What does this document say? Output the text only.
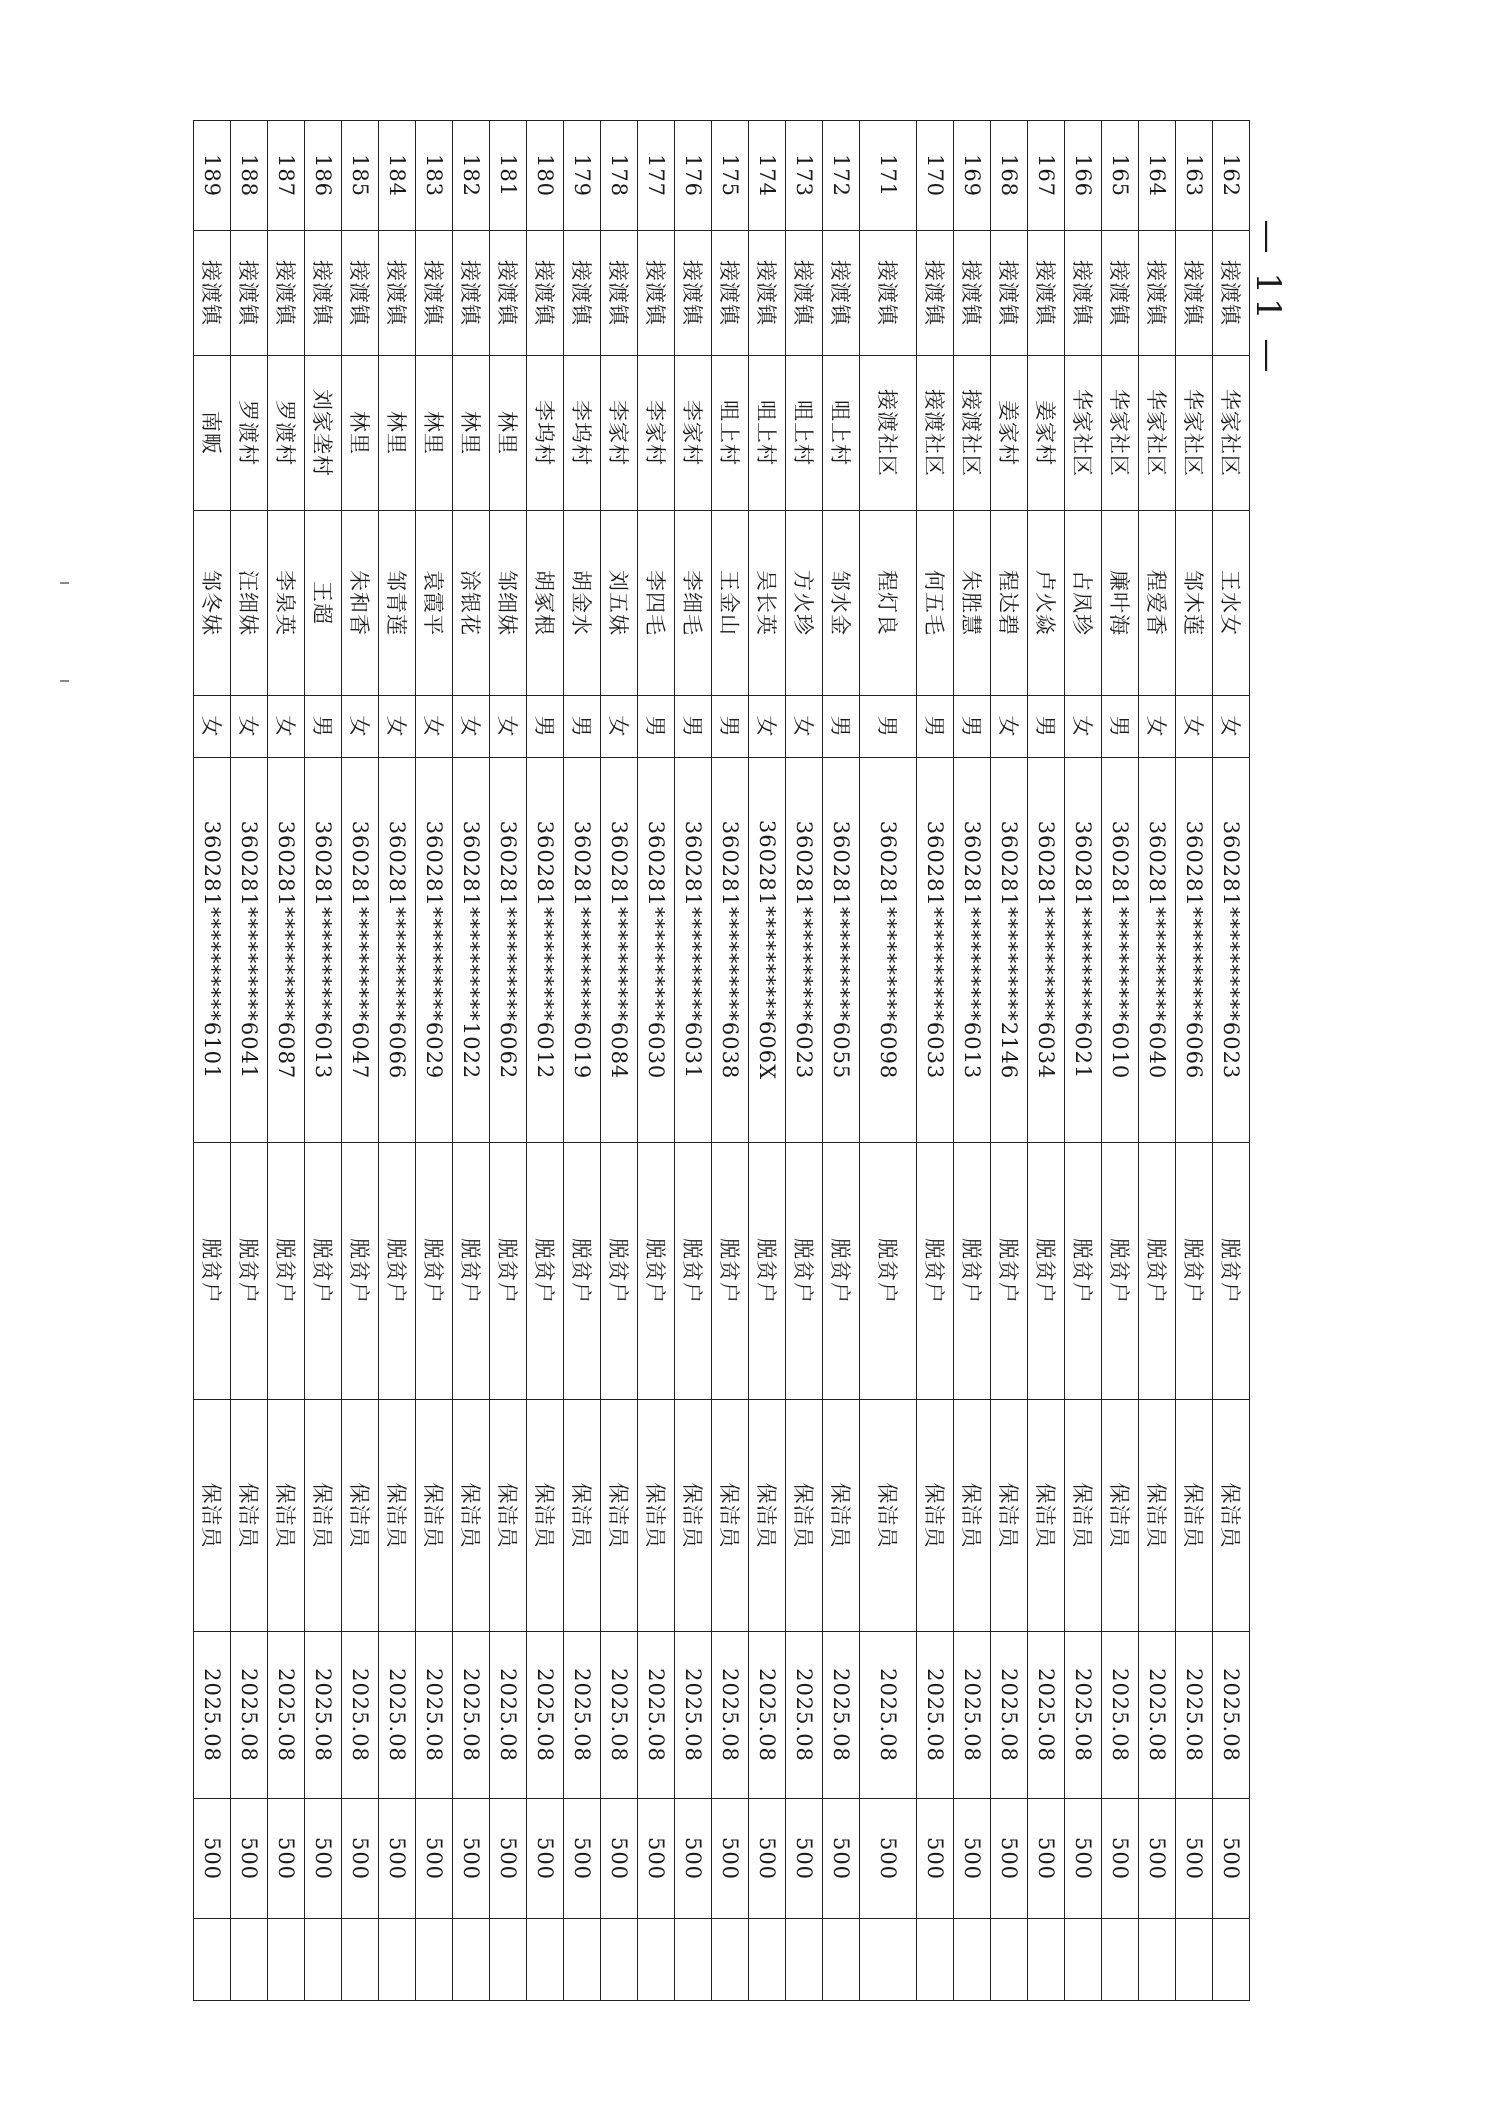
162	接渡镇	华家社区	王水女	女	360281**********6023	脱贫户	保洁员	2025.08	500	
163	接渡镇	华家社区	邹木莲	女	360281**********6066	脱贫户	保洁员	2025.08	500	
164	接渡镇	华家社区	程爱香	女	360281**********6040	脱贫户	保洁员	2025.08	500	
165	接渡镇	华家社区	廉叶海	男	360281**********6010	脱贫户	保洁员	2025.08	500	
166	接渡镇	华家社区	占凤珍	女	360281**********6021	脱贫户	保洁员	2025.08	500	
167	接渡镇	姜家村	卢火焱	男	360281**********6034	脱贫户	保洁员	2025.08	500	
168	接渡镇	姜家村	程达碧	女	360281**********2146	脱贫户	保洁员	2025.08	500	
169	接渡镇	接渡社区	朱胜慧	男	360281**********6013	脱贫户	保洁员	2025.08	500	
170	接渡镇	接渡社区	何五毛	男	360281**********6033	脱贫户	保洁员	2025.08	500	
171	接渡镇	接渡社区	程灯良	男	360281**********6098	脱贫户	保洁员	2025.08	500	
172	接渡镇	咀上村	邹水金	男	360281**********6055	脱贫户	保洁员	2025.08	500	
173	接渡镇	咀上村	方火珍	女	360281**********6023	脱贫户	保洁员	2025.08	500	
174	接渡镇	咀上村	吴长英	女	360281**********606X	脱贫户	保洁员	2025.08	500	
175	接渡镇	咀上村	王金山	男	360281**********6038	脱贫户	保洁员	2025.08	500	
176	接渡镇	李家村	李细毛	男	360281**********6031	脱贫户	保洁员	2025.08	500	
177	接渡镇	李家村	李四毛	男	360281**********6030	脱贫户	保洁员	2025.08	500	
178	接渡镇	李家村	刘五妹	女	360281**********6084	脱贫户	保洁员	2025.08	500	
179	接渡镇	李坞村	胡金水	男	360281**********6019	脱贫户	保洁员	2025.08	500	
180	接渡镇	李坞村	胡冢根	男	360281**********6012	脱贫户	保洁员	2025.08	500	
181	接渡镇	林里	邹细妹	女	360281**********6062	脱贫户	保洁员	2025.08	500	
182	接渡镇	林里	涂银花	女	360281**********1022	脱贫户	保洁员	2025.08	500	
183	接渡镇	林里	袁霞平	女	360281**********6029	脱贫户	保洁员	2025.08	500	
184	接渡镇	林里	邹青莲	女	360281**********6066	脱贫户	保洁员	2025.08	500	
185	接渡镇	林里	朱和香	女	360281**********6047	脱贫户	保洁员	2025.08	500	
186	接渡镇	刘家垄村	王超	男	360281**********6013	脱贫户	保洁员	2025.08	500	
187	接渡镇	罗渡村	李泉英	女	360281**********6087	脱贫户	保洁员	2025.08	500	
188	接渡镇	罗渡村	汪细妹	女	360281**********6041	脱贫户	保洁员	2025.08	500	
189	接渡镇	南畈	邹冬妹	女	360281**********6101	脱贫户	保洁员	2025.08	500	
— 11 —
